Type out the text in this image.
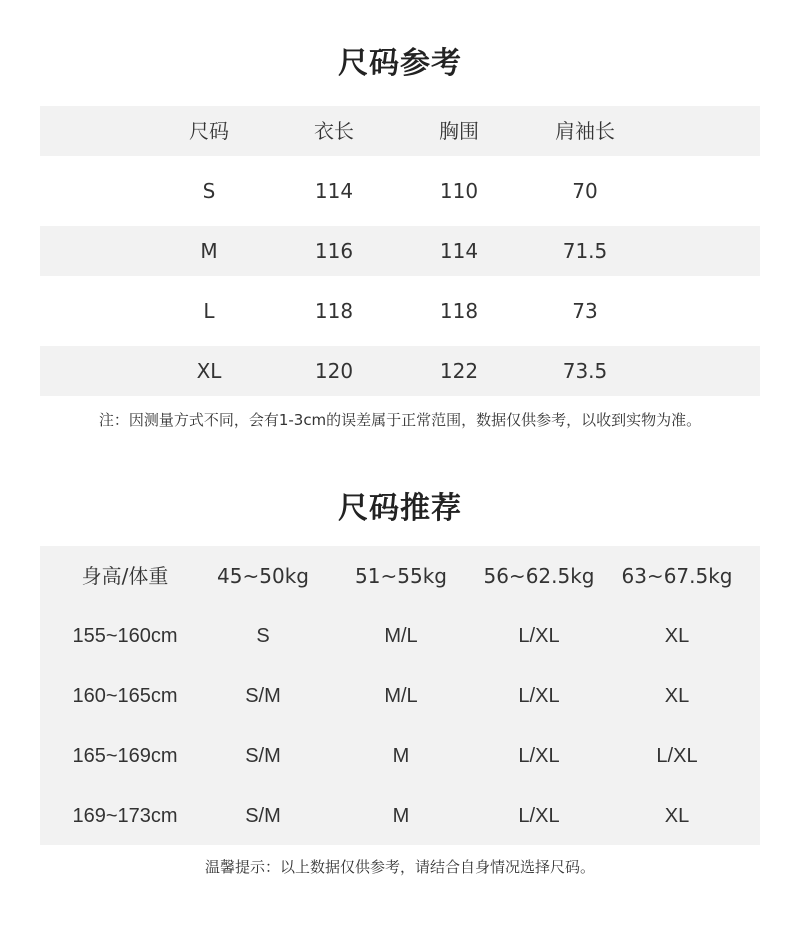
尺码参考
尺码	衣长	胸围	肩袖长
S	114	110	70
M	116	114	71.5
L	118	118	73
XL	120	122	73.5
注：因测量方式不同，会有1-3cm的误差属于正常范围，数据仅供参考，以收到实物为准。
尺码推荐
身高/体重	45~50kg	51~55kg	56~62.5kg	63~67.5kg
155~160cm	S	M/L	L/XL	XL
160~165cm	S/M	M/L	L/XL	XL
165~169cm	S/M	M	L/XL	L/XL
169~173cm	S/M	M	L/XL	XL
温馨提示：以上数据仅供参考，请结合自身情况选择尺码。
